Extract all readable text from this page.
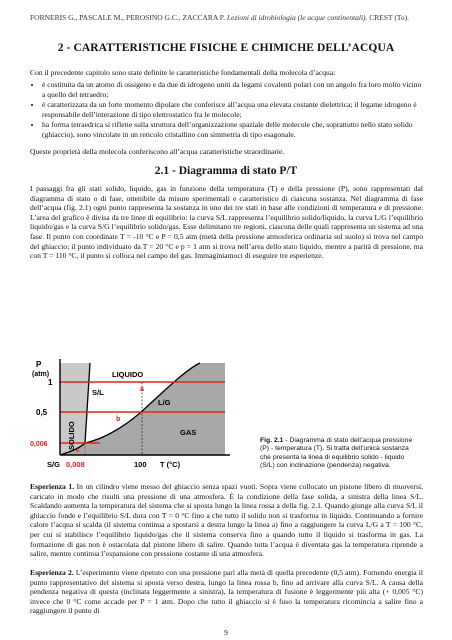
FORNERIS G., PASCALE M., PEROSINO G.C., ZACCARA P. Lezioni di idrobiologia (le acque continentali). CREST (To).
2 - CARATTERISTICHE FISICHE E CHIMICHE DELL’ACQUA
Con il precedente capitolo sono state definite le caratteristiche fondamentali della molecola d’acqua:
• è costituita da un atomo di ossigeno e da due di idrogeno uniti da legami covalenti polari con un angolo fra loro molto vicino a quello del tetraedro;
• è caratterizzata da un forte momento dipolare che conferisce all’acqua una elevata costante dielettrica; il legame idrogeno è responsabile dell’interazione di tipo elettrostatico fra le molecole;
• ha forma tetraedrica si riflette sulla struttura dell’organizzazione spaziale delle molecole che, soprattutto nello stato solido (ghiaccio), sono vincolate in un reticolo cristallino con simmetria di tipo esagonale.
Queste proprietà della molecola conferiscono all’acqua caratteristiche straordinarie.
2.1 - Diagramma di stato P/T
I passaggi fra gli stati solido, liquido, gas in funzione della temperatura (T) e della pressione (P), sono rappresentati dal diagramma di stato o di fase, ottenibile da misure sperimentali e caratteristico di ciascuna sostanza. Nel diagramma di fase dell’acqua (fig. 2.1) ogni punto rappresenta la sostanza in uno dei tre stati in base alle condizioni di temperatura e di pressione. L’area del grafico è divisa da tre linee di equilibrio: la curva S/L rappresenta l’equilibrio solido/liquido, la curva L/G l’equilibrio liquido/gas e la curva S/G l’equilibrio solido/gas. Esse delimitano tre regioni, ciascuna delle quali rappresenta un sistema ad una fase. Il punto con coordinate T = -10 °C e P = 0,5 atm (metà della pressione atmosferica ordinaria sul suolo) si trova nel campo del ghiaccio; il punto individuato da T = 20 °C e p = 1 atm si trova nell’area dello stato liquido, mentre a parità di pressione, ma con T = 110 °C, il punto si colloca nel campo del gas. Immaginiamoci di eseguire tre esperienze.
P
(atm)
1
0,5
0,006
S/G 0,008	100 T (°C)
SOLIDO
LIQUIDO
GAS
S/L
L/G
a
b
c
Fig. 2.1 - Diagramma di stato dell’acqua pressione (P) - temperatura (T). Si tratta dell’unica sostanza che presenta la linea di equilibrio solido - liquido (S/L) con inclinazione (pendenza) negativa.
Esperienza 1. In un cilindro viene messo del ghiaccio senza spazi vuoti. Sopra viene collocato un pistone libero di muoversi, caricato in modo che risulti una pressione di una atmosfera. È la condizione della fase solida, a sinistra della linea S/L. Scaldando aumenta la temperatura del sistema che si sposta lungo la linea rossa a della fig. 2.1. Quando giunge alla curva S/L il ghiaccio fonde e l’equilibrio S/L dura con T = 0 °C fino a che tutto il solido non si trasforma in liquido. Continuando a fornire calore l’acqua si scalda (il sistema continua a spostarsi a destra lungo la linea a) fino a raggiungere la curva L/G a T = 100 °C, per cui si stabilisce l’equilibrio liquido/gas che il sistema conserva fino a quando tutto il liquido si trasforma in gas. La formazione di gas non è ostacolata dal pistone libero di salire. Quando tutta l’acqua è diventata gas la temperatura riprende a salire, mentre continua l’espansione con pressione costante di una atmosfera.
Esperienza 2. L’esperimento viene ripetuto con una pressione pari alla metà di quella precedente (0,5 atm). Fornendo energia il punto rappresentativo del sistema si sposta verso destra, lungo la linea rossa b, fino ad arrivare alla curva S/L. A causa della pendenza negativa di questa (inclinata leggermente a sinistra), la temperatura di fusione è leggermente più alta (+ 0,005 °C) invece che 0 °C come accade per P = 1 atm. Dopo che tutto il ghiaccio si è fuso la temperatura ricomincia a salire fino a raggiungere il punto di
9
